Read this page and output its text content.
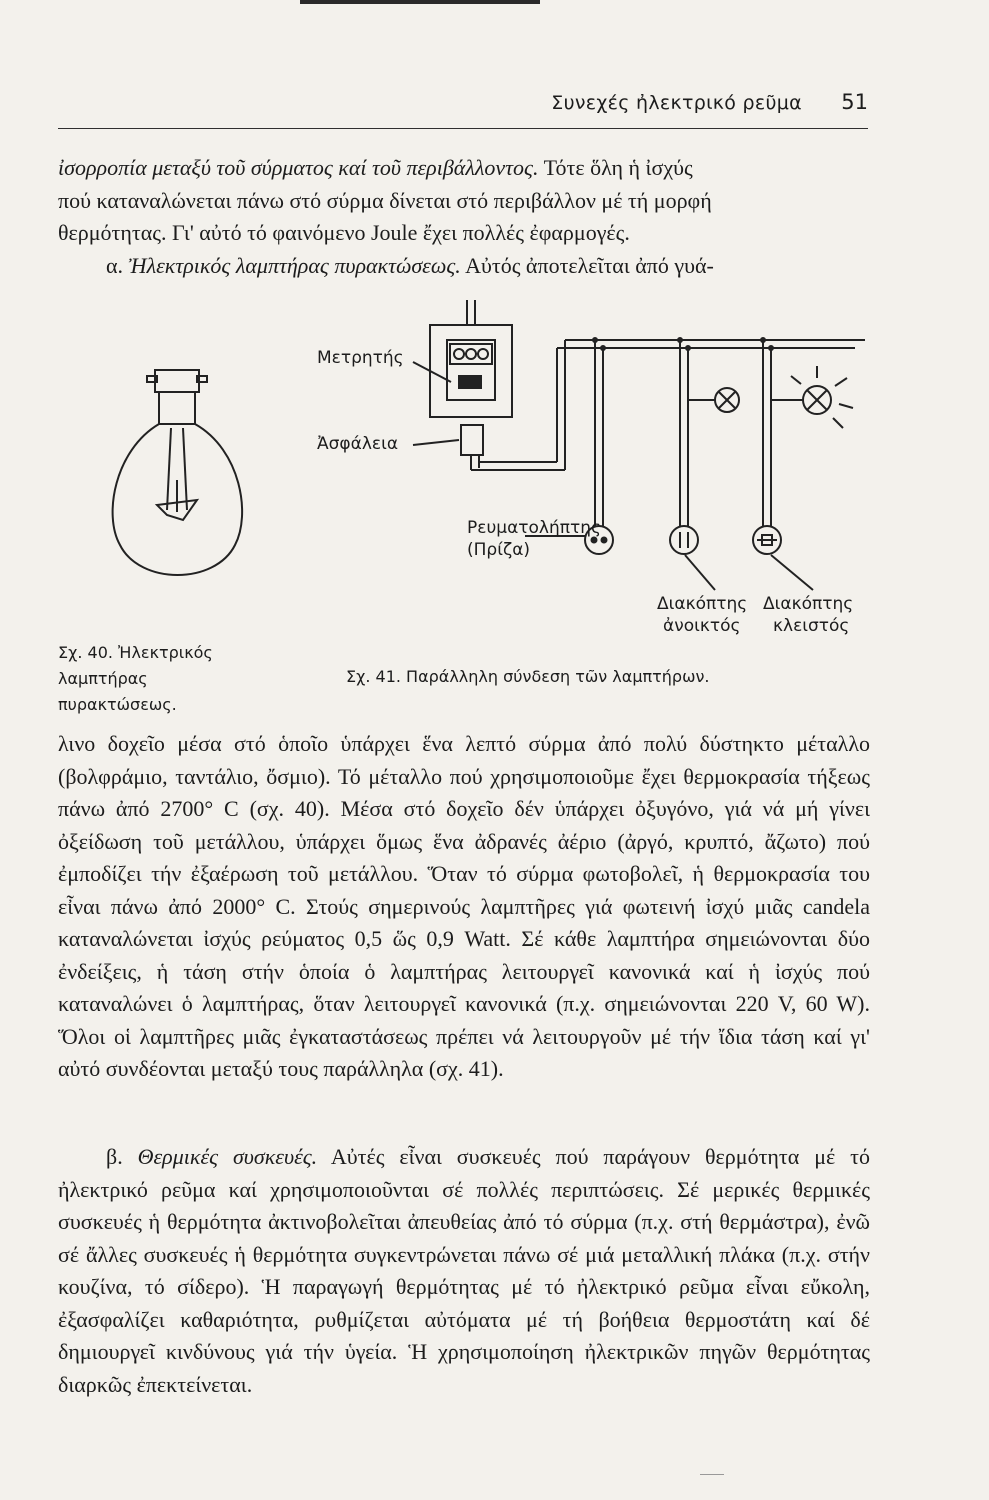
Συνεχές ἠλεκτρικό ρεῦμα 51

ἰσορροπία μεταξύ τοῦ σύρματος καί τοῦ περιβάλλοντος. Τότε ὅλη ἡ ἰσχύς
πού καταναλώνεται πάνω στό σύρμα δίνεται στό περιβάλλον μέ τή μορφή
θερμότητας. Γι' αὐτό τό φαινόμενο Joule ἔχει πολλές ἐφαρμογές.
α. Ἠλεκτρικός λαμπτήρας πυρακτώσεως. Αὐτός ἀποτελεῖται ἀπό γυά-

Μετρητής
Ἀσφάλεια
Ρευματολήπτης
(Πρίζα)
Διακόπτης
ἀνοικτός
Διακόπτης
κλειστός
Σχ. 40. Ἠλεκτρικός λαμπτήρας πυρακτώσεως.
Σχ. 41. Παράλληλη σύνδεση τῶν λαμπτήρων.

λινο δοχεῖο μέσα στό ὁποῖο ὑπάρχει ἕνα λεπτό σύρμα ἀπό πολύ δύστηκτο μέταλλο (βολφράμιο, ταντάλιο, ὄσμιο). Τό μέταλλο πού χρησιμοποιοῦμε ἔχει θερμοκρασία τήξεως πάνω ἀπό 2700° C (σχ. 40). Μέσα στό δοχεῖο δέν ὑπάρχει ὀξυγόνο, γιά νά μή γίνει ὀξείδωση τοῦ μετάλλου, ὑπάρχει ὅμως ἕνα ἀδρανές ἀέριο (ἀργό, κρυπτό, ἄζωτο) πού ἐμποδίζει τήν ἐξαέρωση τοῦ μετάλλου. Ὅταν τό σύρμα φωτοβολεῖ, ἡ θερμοκρασία του εἶναι πάνω ἀπό 2000° C. Στούς σημερινούς λαμπτῆρες γιά φωτεινή ἰσχύ μιᾶς candela καταναλώνεται ἰσχύς ρεύματος 0,5 ὥς 0,9 Watt. Σέ κάθε λαμπτήρα σημειώνονται δύο ἐνδείξεις, ἡ τάση στήν ὁποία ὁ λαμπτήρας λειτουργεῖ κανονικά καί ἡ ἰσχύς πού καταναλώνει ὁ λαμπτήρας, ὅταν λειτουργεῖ κανονικά (π.χ. σημειώνονται 220 V, 60 W). Ὅλοι οἱ λαμπτῆρες μιᾶς ἐγκαταστάσεως πρέπει νά λειτουργοῦν μέ τήν ἴδια τάση καί γι' αὐτό συνδέονται μεταξύ τους παράλληλα (σχ. 41).

β. Θερμικές συσκευές. Αὐτές εἶναι συσκευές πού παράγουν θερμότητα μέ τό ἠλεκτρικό ρεῦμα καί χρησιμοποιοῦνται σέ πολλές περιπτώσεις. Σέ μερικές θερμικές συσκευές ἡ θερμότητα ἀκτινοβολεῖται ἀπευθείας ἀπό τό σύρμα (π.χ. στή θερμάστρα), ἐνῶ σέ ἄλλες συσκευές ἡ θερμότητα συγκεντρώνεται πάνω σέ μιά μεταλλική πλάκα (π.χ. στήν κουζίνα, τό σίδερο). Ἡ παραγωγή θερμότητας μέ τό ἠλεκτρικό ρεῦμα εἶναι εὔκολη, ἐξασφαλίζει καθαριότητα, ρυθμίζεται αὐτόματα μέ τή βοήθεια θερμοστάτη καί δέ δημιουργεῖ κινδύνους γιά τήν ὑγεία. Ἡ χρησιμοποίηση ἠλεκτρικῶν πηγῶν θερμότητας διαρκῶς ἐπεκτείνεται.
